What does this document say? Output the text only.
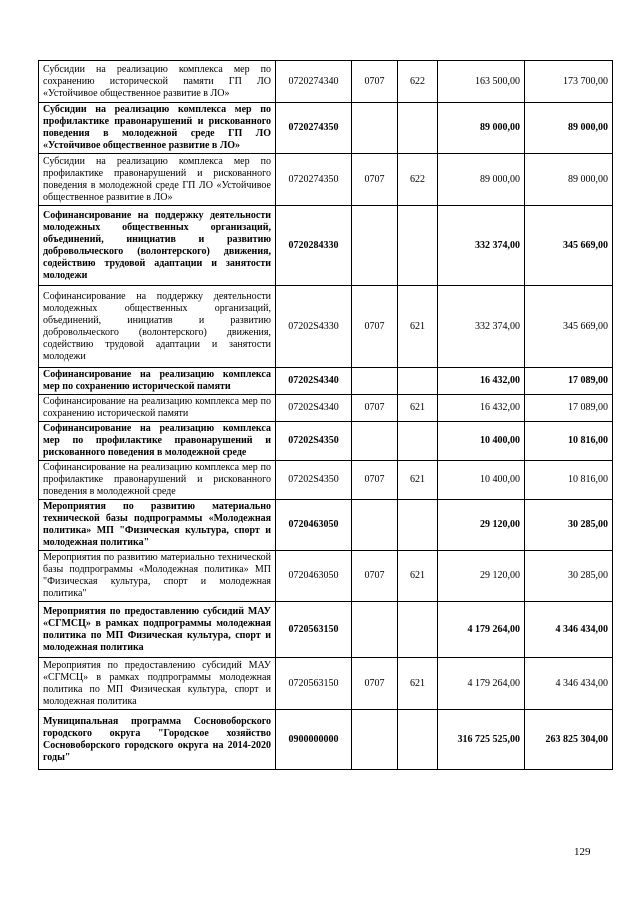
Субсидии на реализацию комплекса мер по сохранению исторической памяти ГП ЛО «Устойчивое общественное развитие в ЛО»	0720274340	0707	622	163 500,00	173 700,00
Субсидии на реализацию комплекса мер по профилактике правонарушений и рискованного поведения в молодежной среде ГП ЛО «Устойчивое общественное развитие в ЛО»	0720274350			89 000,00	89 000,00
Субсидии на реализацию комплекса мер по профилактике правонарушений и рискованного поведения в молодежной среде ГП ЛО «Устойчивое общественное развитие в ЛО»	0720274350	0707	622	89 000,00	89 000,00
Софинансирование на поддержку деятельности молодежных общественных организаций, объединений, инициатив и развитию добровольческого (волонтерского) движения, содействию трудовой адаптации и занятости молодежи	0720284330			332 374,00	345 669,00
Софинансирование на поддержку деятельности молодежных общественных организаций, объединений, инициатив и развитию добровольческого (волонтерского) движения, содействию трудовой адаптации и занятости молодежи	07202S4330	0707	621	332 374,00	345 669,00
Софинансирование на реализацию комплекса мер по сохранению исторической памяти	07202S4340			16 432,00	17 089,00
Софинансирование на реализацию комплекса мер по сохранению исторической памяти	07202S4340	0707	621	16 432,00	17 089,00
Софинансирование на реализацию комплекса мер по профилактике правонарушений и рискованного поведения в молодежной среде	07202S4350			10 400,00	10 816,00
Софинансирование на реализацию комплекса мер по профилактике правонарушений и рискованного поведения в молодежной среде	07202S4350	0707	621	10 400,00	10 816,00
Мероприятия по развитию материально технической базы подпрограммы «Молодежная политика» МП "Физическая культура, спорт и молодежная политика"	0720463050			29 120,00	30 285,00
Мероприятия по развитию материально технической базы подпрограммы «Молодежная политика» МП "Физическая культура, спорт и молодежная политика"	0720463050	0707	621	29 120,00	30 285,00
Мероприятия по предоставлению субсидий МАУ «СГМСЦ» в рамках подпрограммы молодежная политика по МП Физическая культура, спорт и молодежная политика	0720563150			4 179 264,00	4 346 434,00
Мероприятия по предоставлению субсидий МАУ «СГМСЦ» в рамках подпрограммы молодежная политика по МП Физическая культура, спорт и молодежная политика	0720563150	0707	621	4 179 264,00	4 346 434,00
Муниципальная программа Сосновоборского городского округа "Городское хозяйство Сосновоборского городского округа на 2014-2020 годы"	0900000000			316 725 525,00	263 825 304,00
129
